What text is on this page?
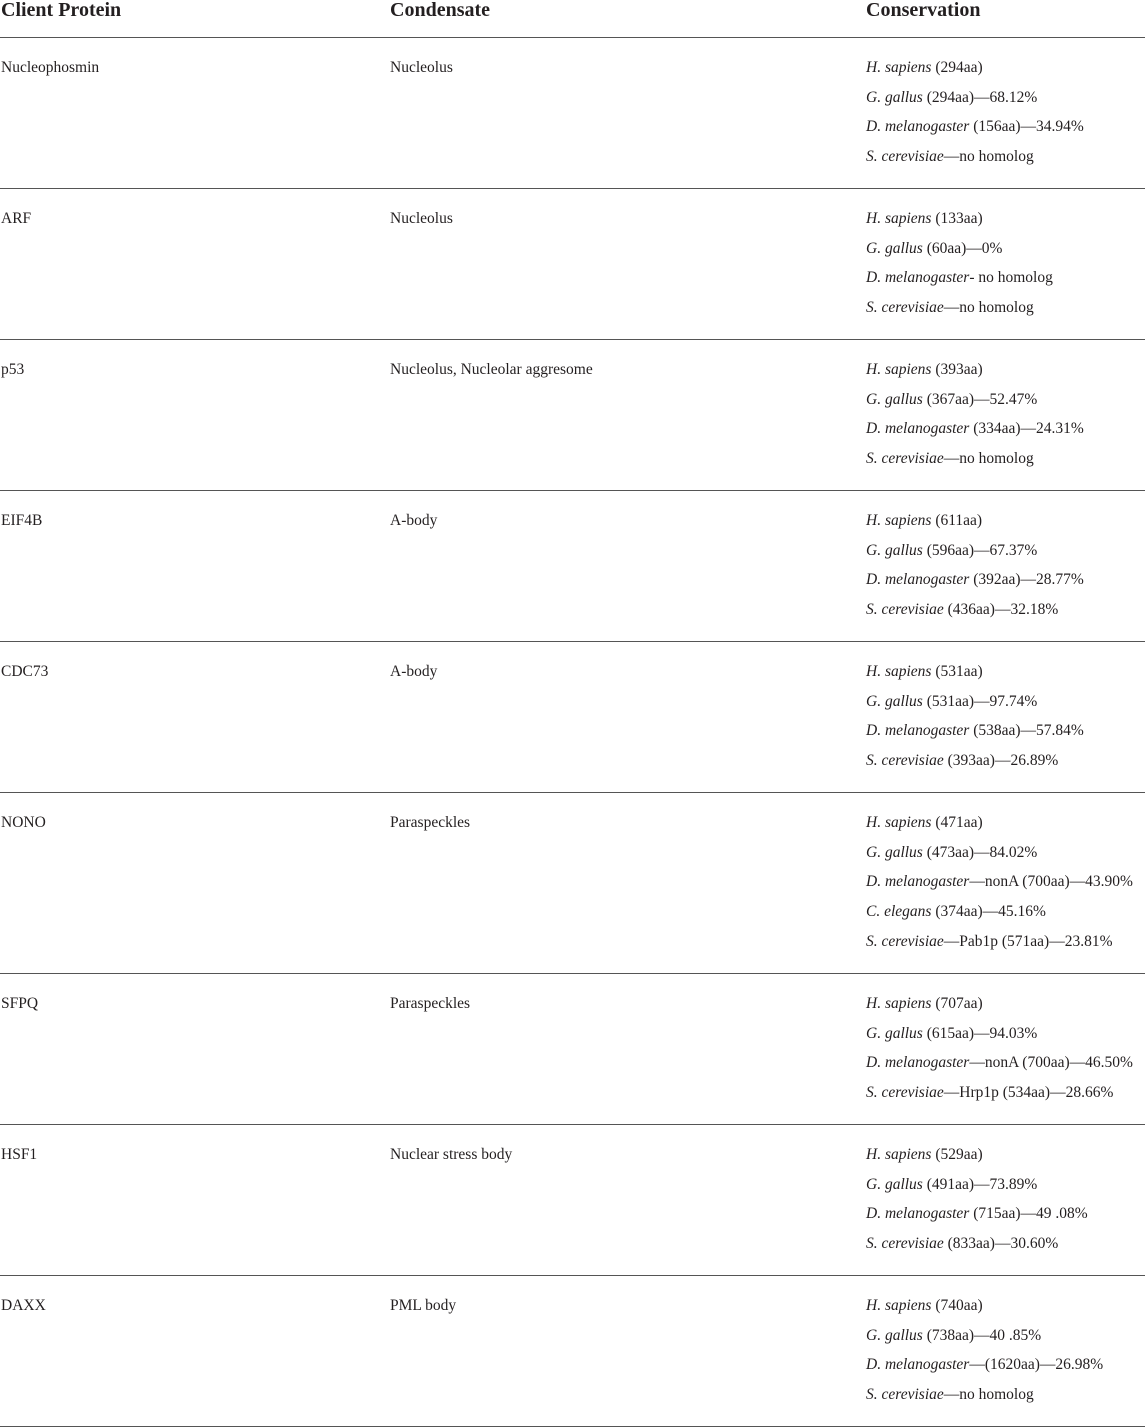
Client Protein	Condensate	Conservation
Nucleophosmin	Nucleolus	H. sapiens (294aa)
G. gallus (294aa)—68.12%
D. melanogaster (156aa)—34.94%
S. cerevisiae—no homolog

ARF	Nucleolus	H. sapiens (133aa)
G. gallus (60aa)—0%
D. melanogaster- no homolog
S. cerevisiae—no homolog

p53	Nucleolus, Nucleolar aggresome	H. sapiens (393aa)
G. gallus (367aa)—52.47%
D. melanogaster (334aa)—24.31%
S. cerevisiae—no homolog

EIF4B	A-body	H. sapiens (611aa)
G. gallus (596aa)—67.37%
D. melanogaster (392aa)—28.77%
S. cerevisiae (436aa)—32.18%

CDC73	A-body	H. sapiens (531aa)
G. gallus (531aa)—97.74%
D. melanogaster (538aa)—57.84%
S. cerevisiae (393aa)—26.89%

NONO	Paraspeckles	H. sapiens (471aa)
G. gallus (473aa)—84.02%
D. melanogaster—nonA (700aa)—43.90%
C. elegans (374aa)—45.16%
S. cerevisiae—Pab1p (571aa)—23.81%

SFPQ	Paraspeckles	H. sapiens (707aa)
G. gallus (615aa)—94.03%
D. melanogaster—nonA (700aa)—46.50%
S. cerevisiae—Hrp1p (534aa)—28.66%

HSF1	Nuclear stress body	H. sapiens (529aa)
G. gallus (491aa)—73.89%
D. melanogaster (715aa)—49 .08%
S. cerevisiae (833aa)—30.60%

DAXX	PML body	H. sapiens (740aa)
G. gallus (738aa)—40 .85%
D. melanogaster—(1620aa)—26.98%
S. cerevisiae—no homolog
